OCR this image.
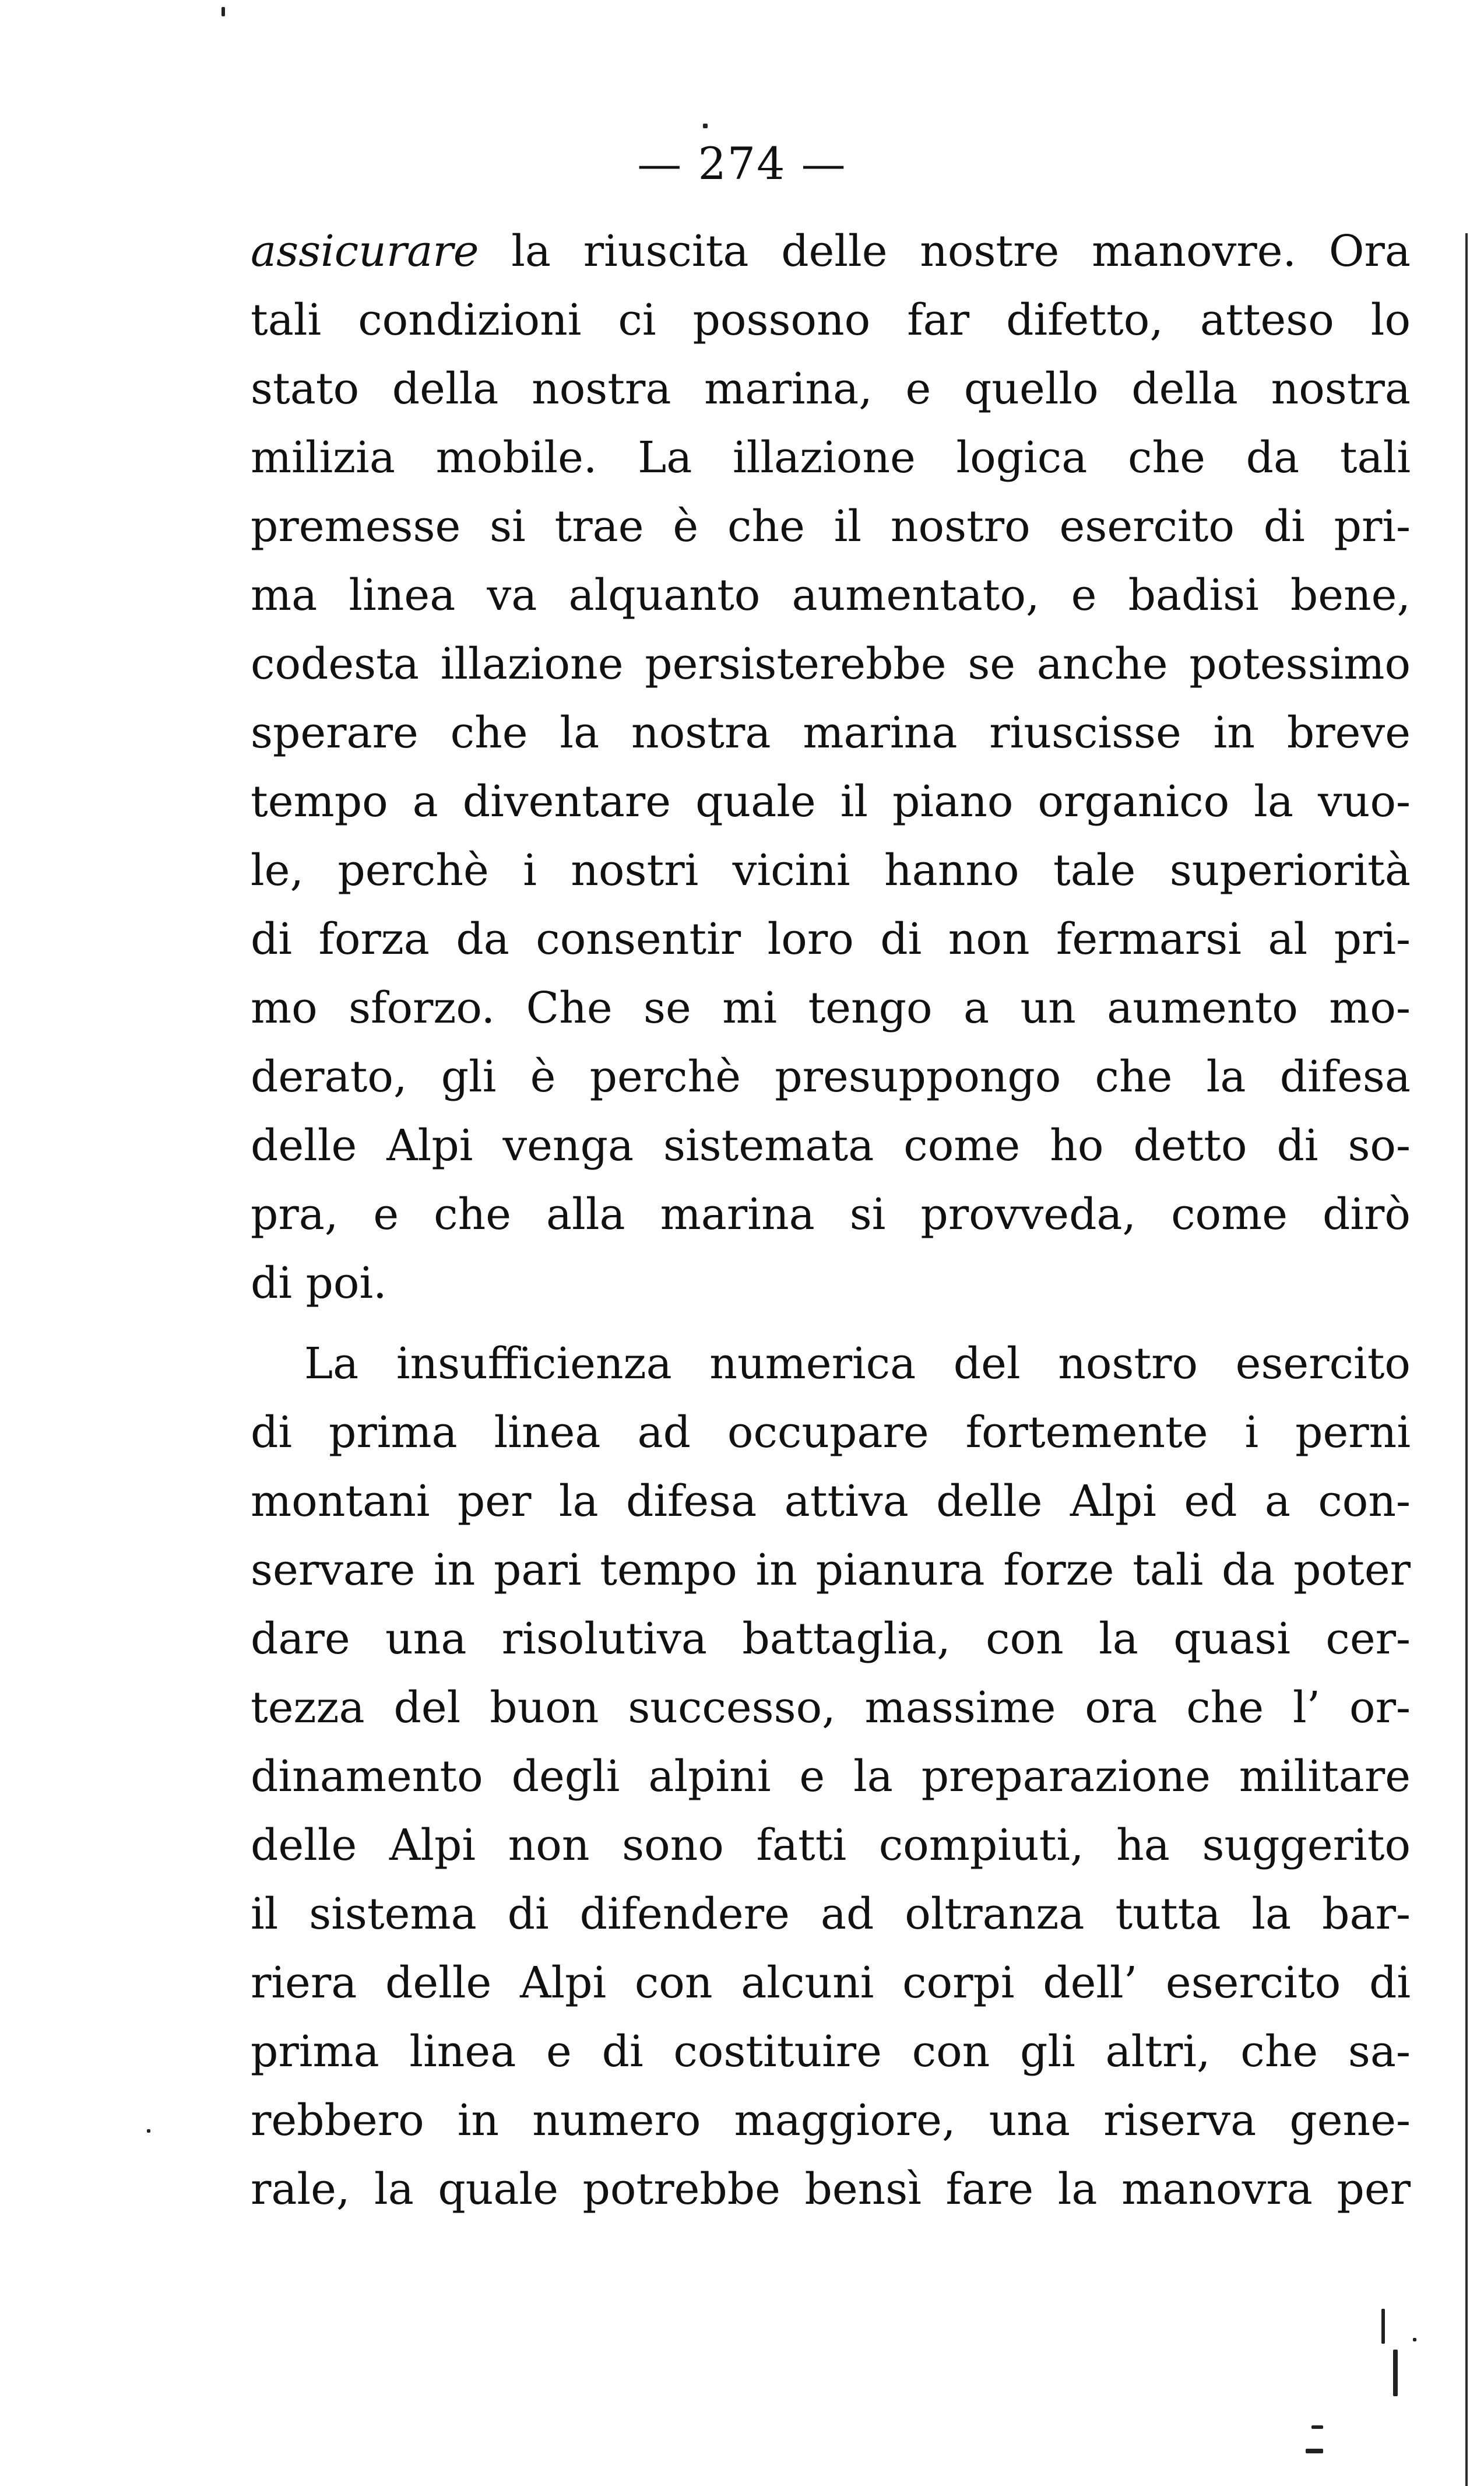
— 274 —
assicurare la riuscita delle nostre manovre. Ora
tali condizioni ci possono far difetto, atteso lo
stato della nostra marina, e quello della nostra
milizia mobile. La illazione logica che da tali
premesse si trae è che il nostro esercito di pri-
ma linea va alquanto aumentato, e badisi bene,
codesta illazione persisterebbe se anche potessimo
sperare che la nostra marina riuscisse in breve
tempo a diventare quale il piano organico la vuo-
le, perchè i nostri vicini hanno tale superiorità
di forza da consentir loro di non fermarsi al pri-
mo sforzo. Che se mi tengo a un aumento mo-
derato, gli è perchè presuppongo che la difesa
delle Alpi venga sistemata come ho detto di so-
pra, e che alla marina si provveda, come dirò
di poi.
La insufficienza numerica del nostro esercito
di prima linea ad occupare fortemente i perni
montani per la difesa attiva delle Alpi ed a con-
servare in pari tempo in pianura forze tali da poter
dare una risolutiva battaglia, con la quasi cer-
tezza del buon successo, massime ora che l’ or-
dinamento degli alpini e la preparazione militare
delle Alpi non sono fatti compiuti, ha suggerito
il sistema di difendere ad oltranza tutta la bar-
riera delle Alpi con alcuni corpi dell’ esercito di
prima linea e di costituire con gli altri, che sa-
rebbero in numero maggiore, una riserva gene-
rale, la quale potrebbe bensì fare la manovra per
